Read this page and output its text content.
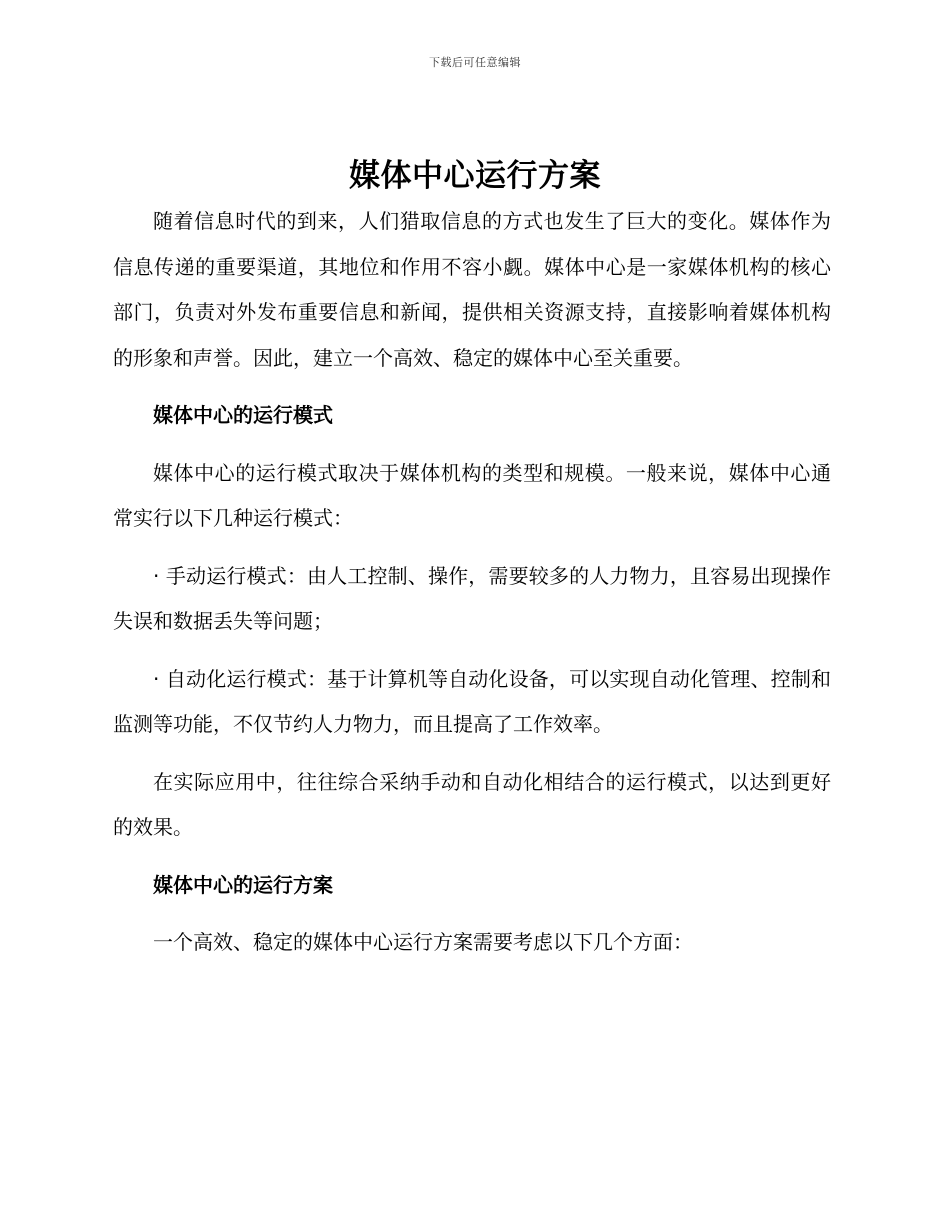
下载后可任意编辑
媒体中心运行方案

随着信息时代的到来，人们猎取信息的方式也发生了巨大的变化。媒体作为信息传递的重要渠道，其地位和作用不容小觑。媒体中心是一家媒体机构的核心部门，负责对外发布重要信息和新闻，提供相关资源支持，直接影响着媒体机构的形象和声誉。因此，建立一个高效、稳定的媒体中心至关重要。

媒体中心的运行模式

媒体中心的运行模式取决于媒体机构的类型和规模。一般来说，媒体中心通常实行以下几种运行模式：

· 手动运行模式：由人工控制、操作，需要较多的人力物力，且容易出现操作失误和数据丢失等问题；

· 自动化运行模式：基于计算机等自动化设备，可以实现自动化管理、控制和监测等功能，不仅节约人力物力，而且提高了工作效率。

在实际应用中，往往综合采纳手动和自动化相结合的运行模式，以达到更好的效果。

媒体中心的运行方案

一个高效、稳定的媒体中心运行方案需要考虑以下几个方面：
